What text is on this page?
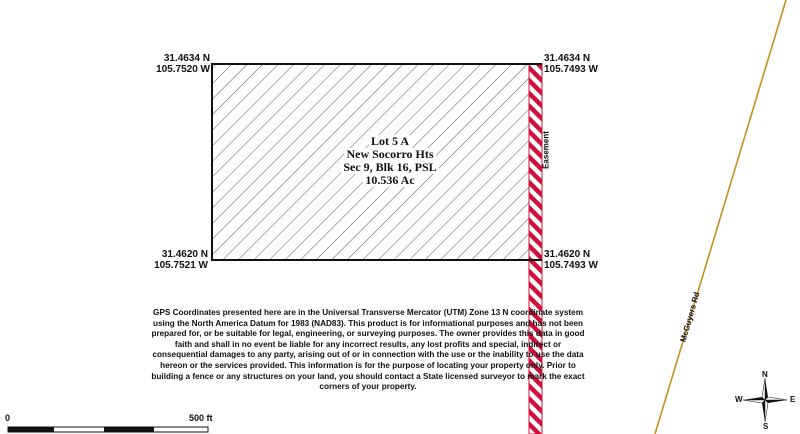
31.4634 N
105.7520 W
31.4634 N
105.7493 W
31.4620 N
105.7521 W
31.4620 N
105.7493 W
Lot 5 A
New Socorro Hts
Sec 9, Blk 16, PSL
10.536 Ac
Easement
McGuyers Rd
GPS Coordinates presented here are in the Universal Transverse Mercator (UTM) Zone 13 N coordinate system using the North America Datum for 1983 (NAD83). This product is for informational purposes and has not been prepared for, or be suitable for legal, engineering, or surveying purposes. The owner provides this data in good faith and shall in no event be liable for any incorrect results, any lost profits and special, indirect or consequential damages to any party, arising out of or in connection with the use or the inability to use the data hereon or the services provided. This information is for the purpose of locating your property only. Prior to building a fence or any structures on your land, you should contact a State licensed surveyor to mark the exact corners of your property.
0	500 ft
N
S
W	E
